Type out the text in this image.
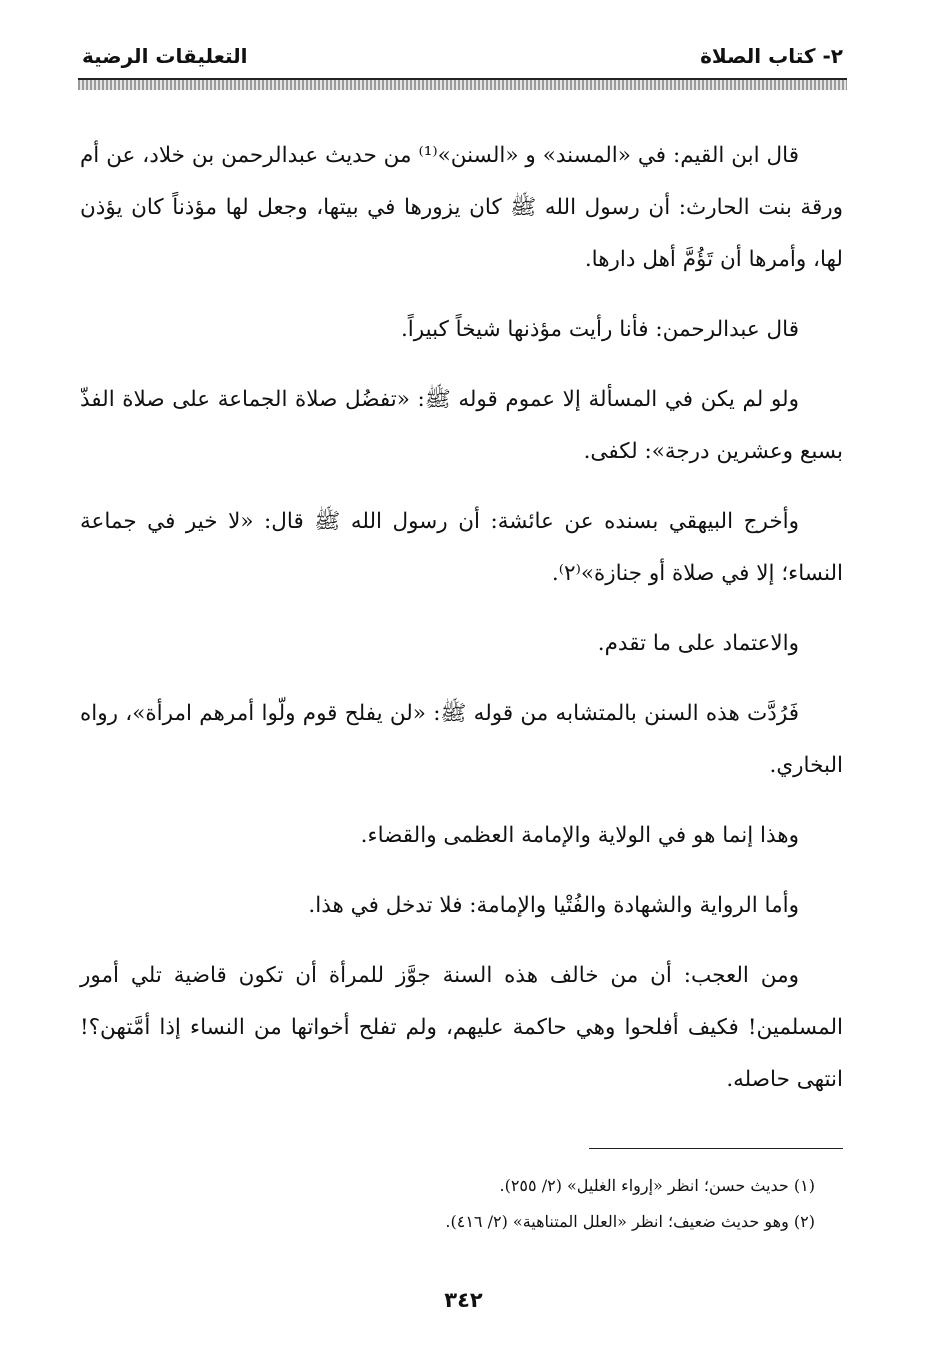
٢- كتاب الصلاة
التعليقات الرضية

قال ابن القيم: في «المسند» و «السنن»⁽¹⁾ من حديث عبدالرحمن بن خلاد، عن أم ورقة بنت الحارث: أن رسول الله ﷺ كان يزورها في بيتها، وجعل لها مؤذناً كان يؤذن لها، وأمرها أن تَؤُمَّ أهل دارها.

قال عبدالرحمن: فأنا رأيت مؤذنها شيخاً كبيراً.

ولو لم يكن في المسألة إلا عموم قوله ﷺ: «تفضُل صلاة الجماعة على صلاة الفذّ بسبع وعشرين درجة»: لكفى.

وأخرج البيهقي بسنده عن عائشة: أن رسول الله ﷺ قال: «لا خير في جماعة النساء؛ إلا في صلاة أو جنازة»⁽٢⁾.

والاعتماد على ما تقدم.

فَرُدَّت هذه السنن بالمتشابه من قوله ﷺ: «لن يفلح قوم ولّوا أمرهم امرأة»، رواه البخاري.

وهذا إنما هو في الولاية والإمامة العظمى والقضاء.

وأما الرواية والشهادة والفُتْيا والإمامة: فلا تدخل في هذا.

ومن العجب: أن من خالف هذه السنة جوَّز للمرأة أن تكون قاضية تلي أمور المسلمين! فكيف أفلحوا وهي حاكمة عليهم، ولم تفلح أخواتها من النساء إذا أمَّتهن؟! انتهى حاصله.

(١) حديث حسن؛ انظر «إرواء الغليل» (٢/ ٢٥٥).

(٢) وهو حديث ضعيف؛ انظر «العلل المتناهية» (٢/ ٤١٦).

٣٤٢
